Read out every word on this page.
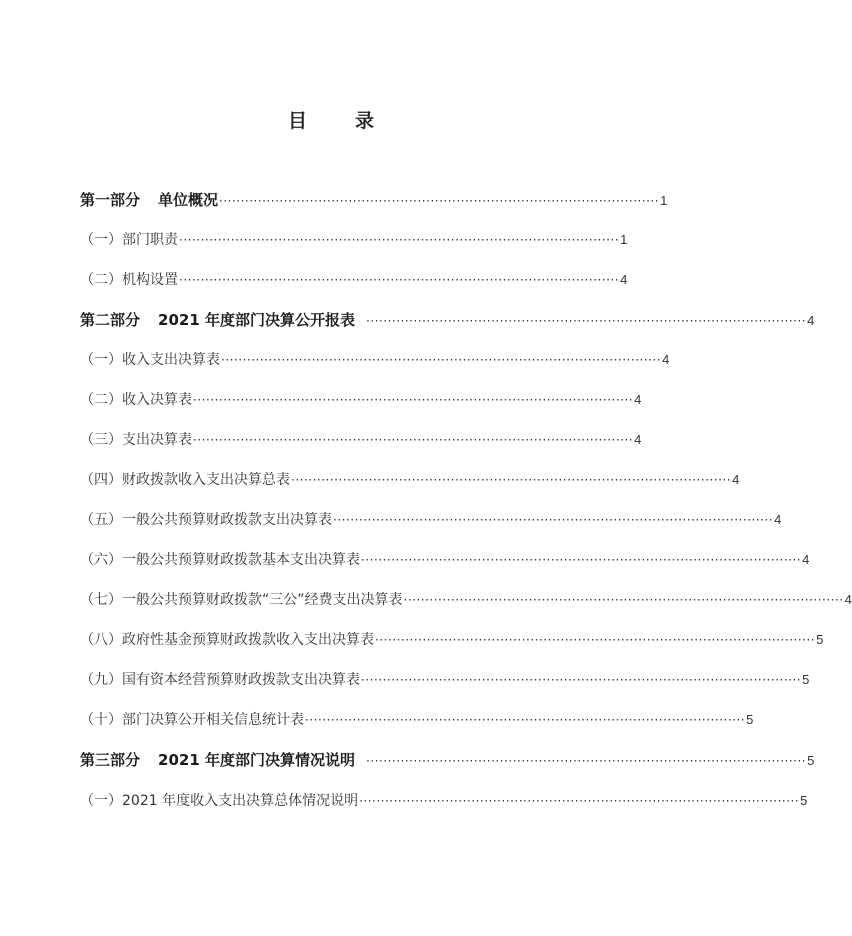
目	录
第一部分 单位概况 ······································································································ 1
（一）部门职责 ······································································································ 1
（二）机构设置 ······································································································ 4
第二部分 2021 年度部门决算公开报表 ······································································································ 4
（一）收入支出决算表 ······································································································ 4
（二）收入决算表 ······································································································ 4
（三）支出决算表 ······································································································ 4
（四）财政拨款收入支出决算总表 ······································································································ 4
（五）一般公共预算财政拨款支出决算表 ······································································································ 4
（六）一般公共预算财政拨款基本支出决算表 ······································································································ 4
（七）一般公共预算财政拨款“三公”经费支出决算表 ······································································································ 4
（八）政府性基金预算财政拨款收入支出决算表 ······································································································ 5
（九）国有资本经营预算财政拨款支出决算表 ······································································································ 5
（十）部门决算公开相关信息统计表 ······································································································ 5
第三部分 2021 年度部门决算情况说明 ······································································································ 5
（一）2021 年度收入支出决算总体情况说明 ······································································································ 5
